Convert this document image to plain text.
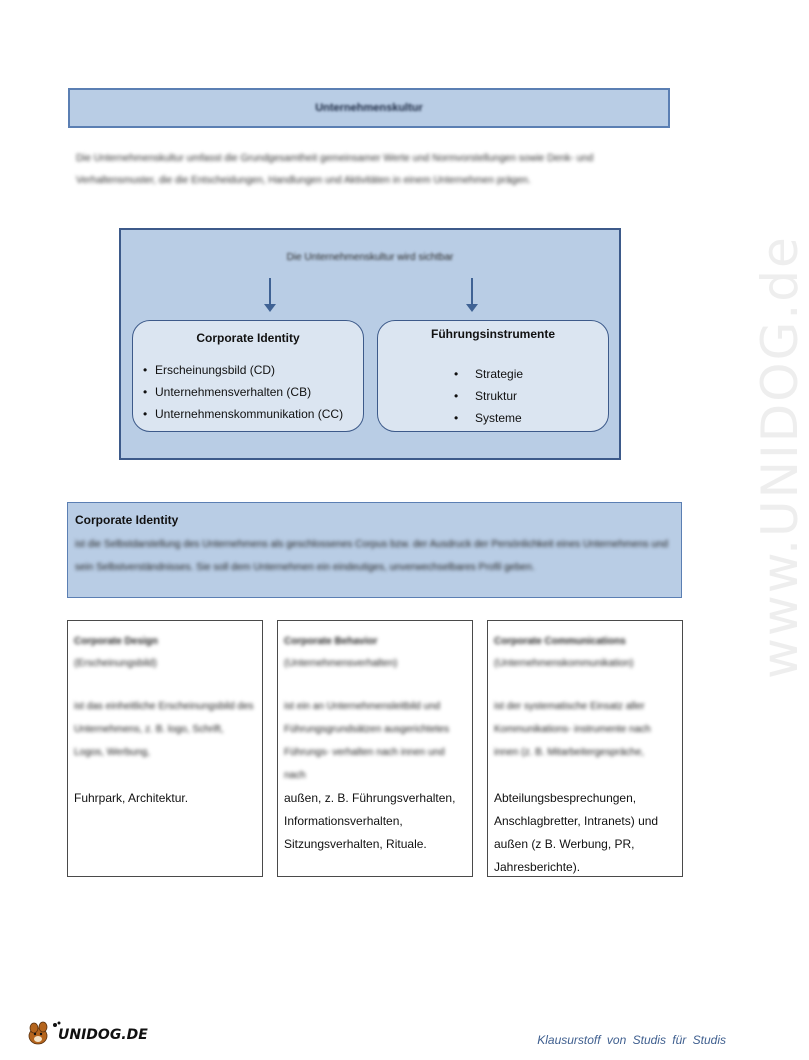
Unternehmenskultur
Die Unternehmenskultur umfasst die Grundgesamtheit gemeinsamer Werte und Normvorstellungen sowie Denk- und Verhaltensmuster, die die Entscheidungen, Handlungen und Aktivitäten in einem Unternehmen prägen.
Die Unternehmenskultur wird sichtbar
Corporate Identity
• Erscheinungsbild (CD)
• Unternehmensverhalten (CB)
• Unternehmenskommunikation (CC)
Führungsinstrumente
• Strategie
• Struktur
• Systeme
Corporate Identity
ist die Selbstdarstellung des Unternehmens als geschlossenes Corpus bzw. der Ausdruck der Persönlichkeit eines Unternehmens und sein Selbstverständnisses. Sie soll dem Unternehmen ein eindeutiges, unverwechselbares Profil geben.
Corporate Design
(Erscheinungsbild)
ist das einheitliche Erscheinungsbild des Unternehmens, z. B. logo, Schrift, Logos, Werbung,
Fuhrpark, Architektur.
Corporate Behavior
(Unternehmensverhalten)
ist ein an Unternehmensleitbild und Führungsgrundsätzen ausgerichtetes Führungs- verhalten nach innen und nach
außen, z. B. Führungsverhalten,
Informationsverhalten,
Sitzungsverhalten, Rituale.
Corporate Communications
(Unternehmenskommunikation)
ist der systematische Einsatz aller Kommunikations- instrumente nach innen (z. B. Mitarbeitergespräche,
Abteilungsbesprechungen,
Anschlagbretter, Intranets) und
außen (z B. Werbung, PR,
Jahresberichte).
www.UNIDOG.de
UNIDOG.DE	Klausurstoff von Studis für Studis
